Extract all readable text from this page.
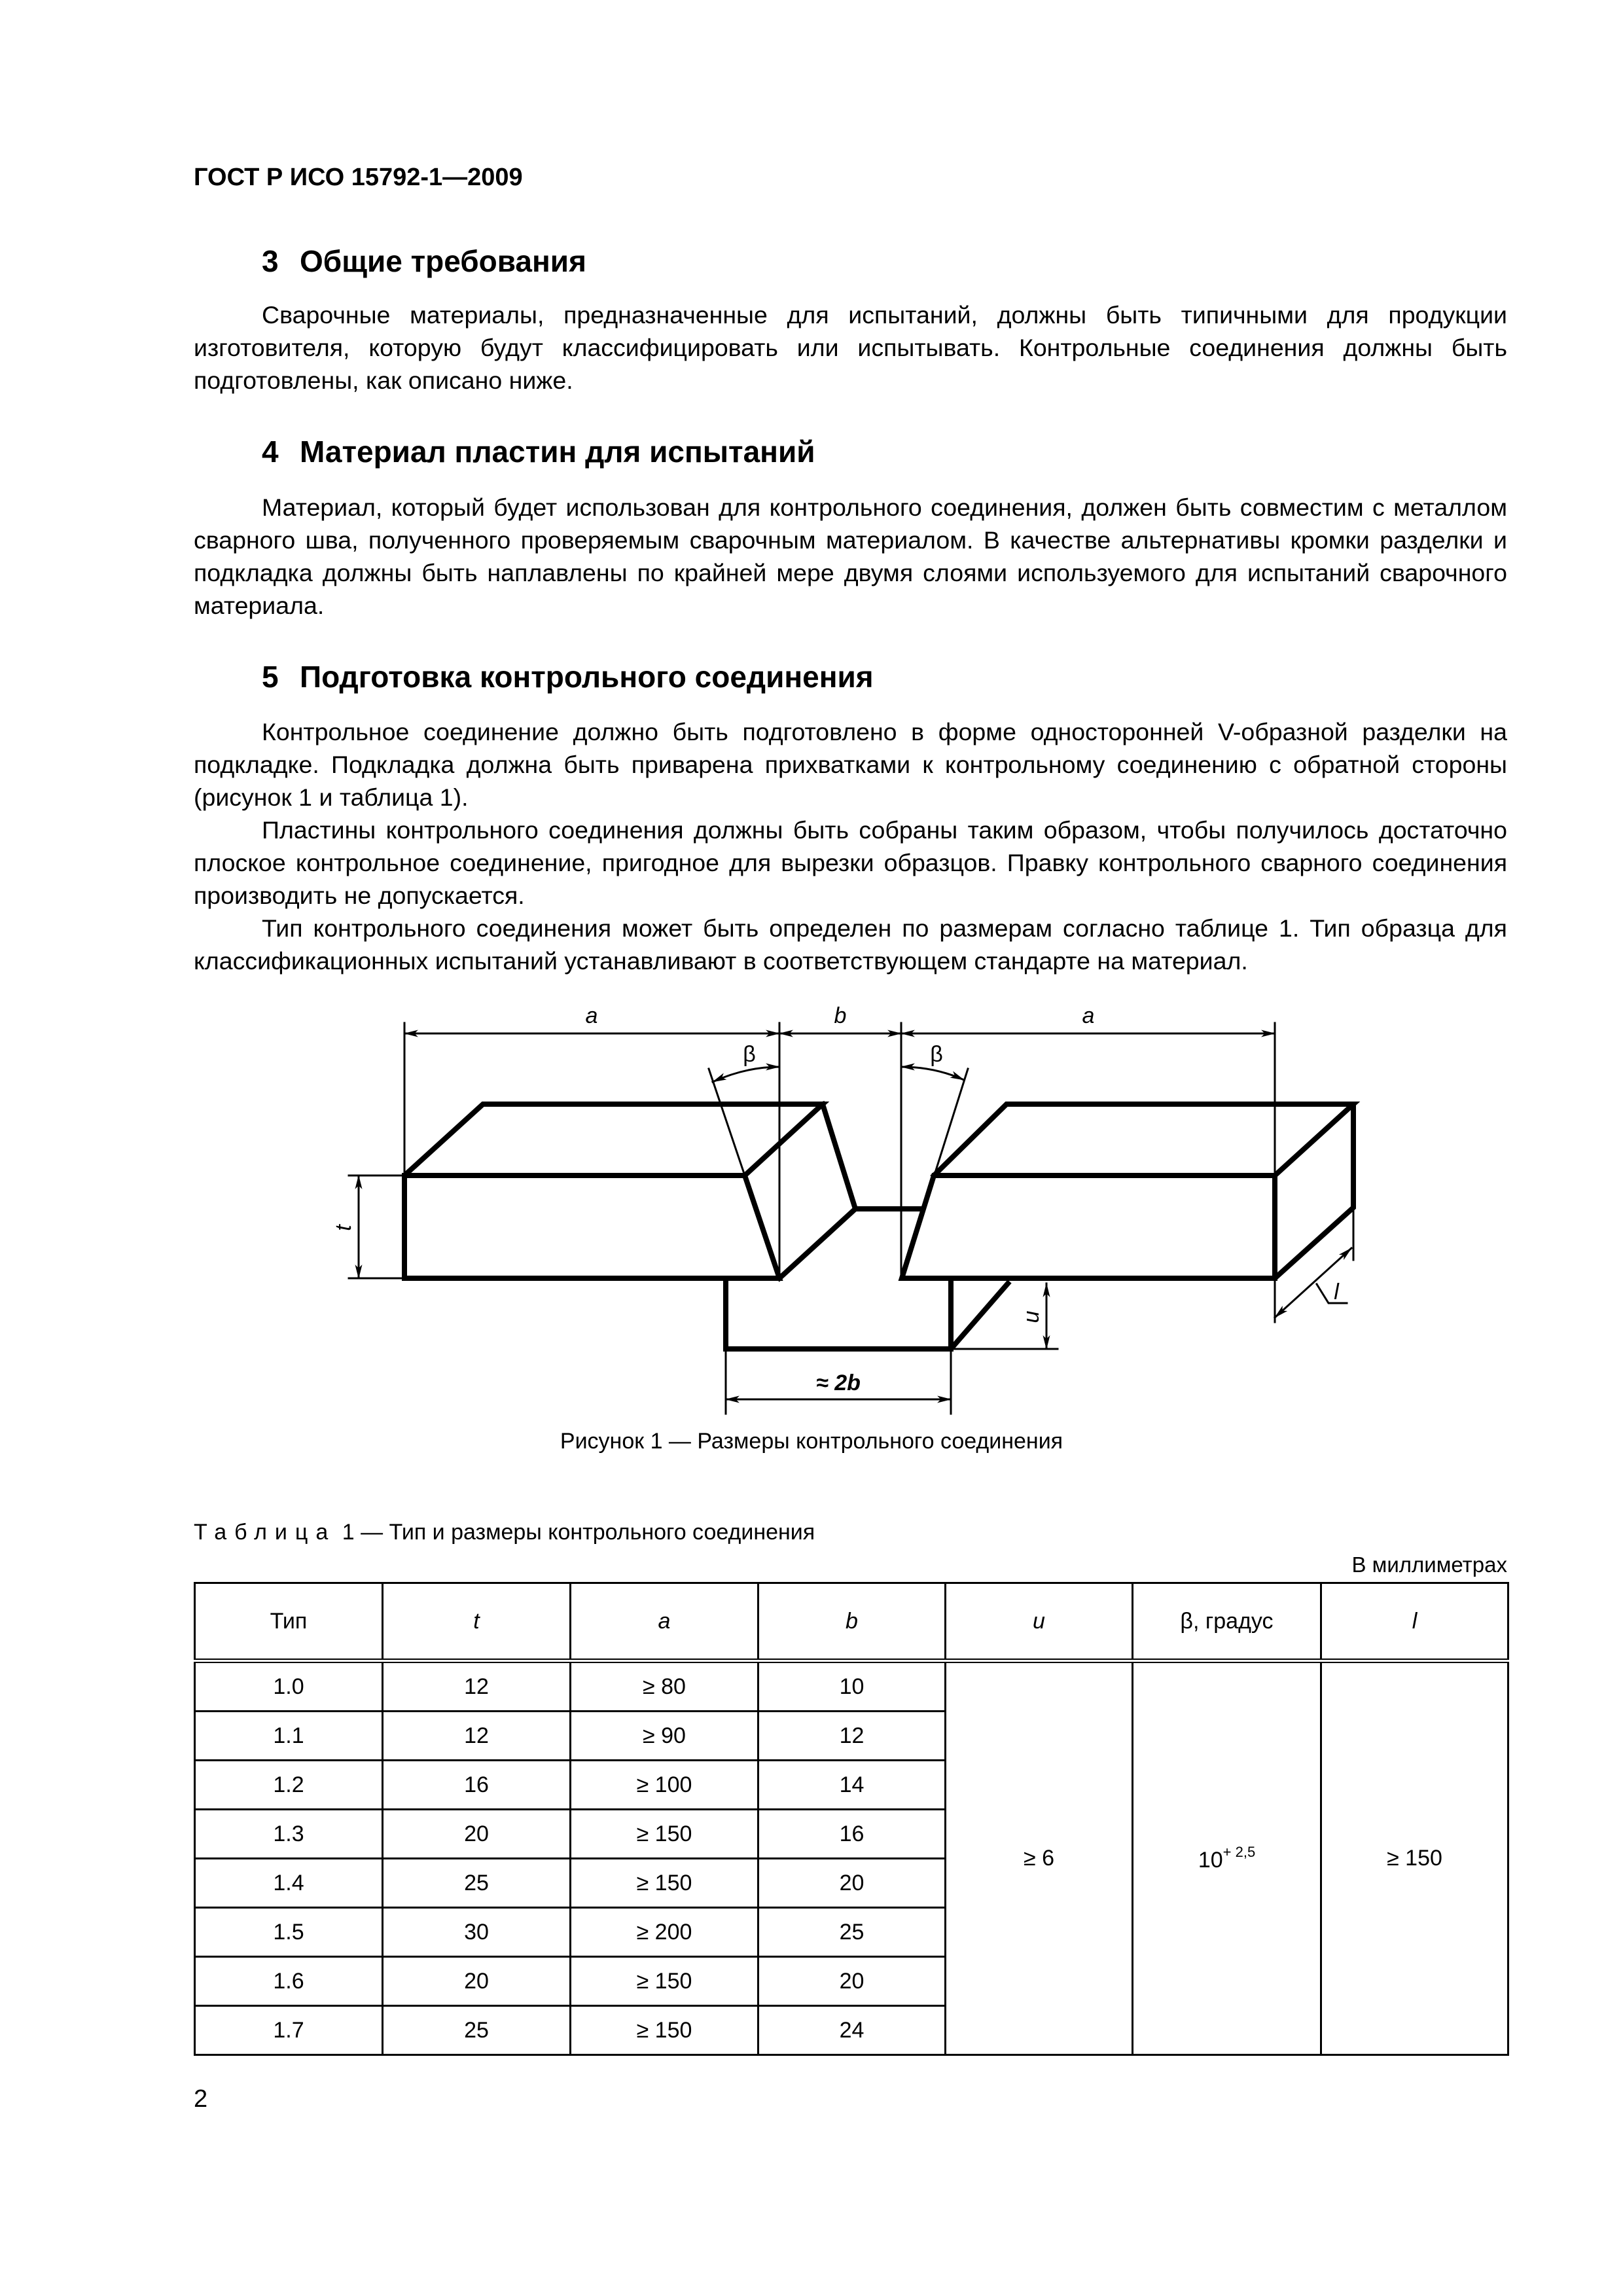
ГОСТ Р ИСО 15792-1—2009
3 Общие требования

Сварочные материалы, предназначенные для испытаний, должны быть типичными для продукции изготовителя, которую будут классифицировать или испытывать. Контрольные соединения должны быть подготовлены, как описано ниже.

4 Материал пластин для испытаний

Материал, который будет использован для контрольного соединения, должен быть совместим с металлом сварного шва, полученного проверяемым сварочным материалом. В качестве альтернативы кромки разделки и подкладка должны быть наплавлены по крайней мере двумя слоями используемого для испытаний сварочного материала.

5 Подготовка контрольного соединения

Контрольное соединение должно быть подготовлено в форме односторонней V-образной разделки на подкладке. Подкладка должна быть приварена прихватками к контрольному соединению с обратной стороны (рисунок 1 и таблица 1).

Пластины контрольного соединения должны быть собраны таким образом, чтобы получилось достаточно плоское контрольное соединение, пригодное для вырезки образцов. Правку контрольного сварного соединения производить не допускается.

Тип контрольного соединения может быть определен по размерам согласно таблице 1. Тип образца для классификационных испытаний устанавливают в соответствующем стандарте на материал.

a	b	a
β	β
t
u
l
≈ 2b
Рисунок 1 — Размеры контрольного соединения
Таблица 1 — Тип и размеры контрольного соединения
В миллиметрах
Тип	t	a	b	u	β, градус	l
1.0	12	≥ 80	10	≥ 6	$10^{+ 2,5}$	≥ 150
1.1	12	≥ 90	12			
1.2	16	≥ 100	14			
1.3	20	≥ 150	16			
1.4	25	≥ 150	20			
1.5	30	≥ 200	25			
1.6	20	≥ 150	20			
1.7	25	≥ 150	24			
2
